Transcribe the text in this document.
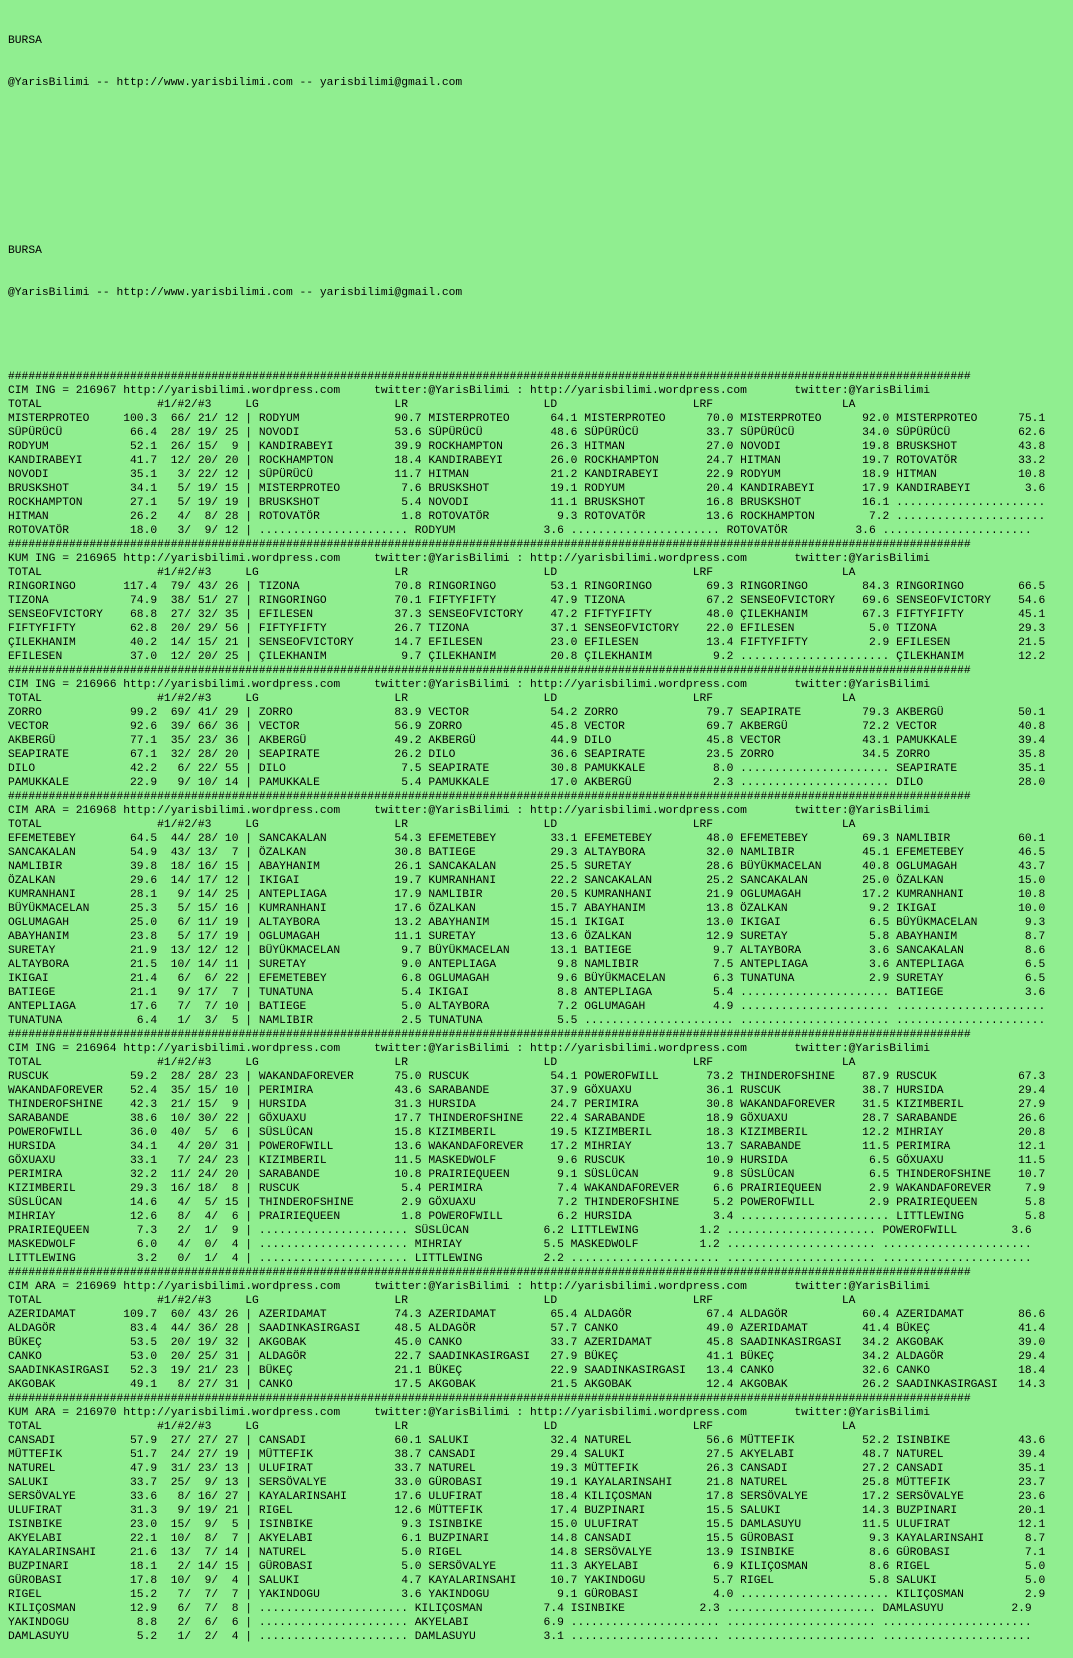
BURSA

@YarisBilimi -- http://www.yarisbilimi.com -- yarisbilimi@gmail.com

BURSA

@YarisBilimi -- http://www.yarisbilimi.com -- yarisbilimi@gmail.com

##############################################################################################################################################
CIM ING = 216967 http://yarisbilimi.wordpress.com     twitter:@YarisBilimi : http://yarisbilimi.wordpress.com       twitter:@YarisBilimi
TOTAL                 #1/#2/#3     LG                    LR                    LD                    LRF                   LA
MISTERPROTEO     100.3  66/ 21/ 12 | RODYUM              90.7 MISTERPROTEO      64.1 MISTERPROTEO      70.0 MISTERPROTEO      92.0 MISTERPROTEO      75.1
SÜPÜRÜCÜ          66.4  28/ 19/ 25 | NOVODI              53.6 SÜPÜRÜCÜ          48.6 SÜPÜRÜCÜ          33.7 SÜPÜRÜCÜ          34.0 SÜPÜRÜCÜ          62.6
RODYUM            52.1  26/ 15/  9 | KANDIRABEYI         39.9 ROCKHAMPTON       26.3 HITMAN            27.0 NOVODI            19.8 BRUSKSHOT         43.8
KANDIRABEYI       41.7  12/ 20/ 20 | ROCKHAMPTON         18.4 KANDIRABEYI       26.0 ROCKHAMPTON       24.7 HITMAN            19.7 ROTOVATÖR         33.2
NOVODI            35.1   3/ 22/ 12 | SÜPÜRÜCÜ            11.7 HITMAN            21.2 KANDIRABEYI       22.9 RODYUM            18.9 HITMAN            10.8
BRUSKSHOT         34.1   5/ 19/ 15 | MISTERPROTEO         7.6 BRUSKSHOT         19.1 RODYUM            20.4 KANDIRABEYI       17.9 KANDIRABEYI        3.6
ROCKHAMPTON       27.1   5/ 19/ 19 | BRUSKSHOT            5.4 NOVODI            11.1 BRUSKSHOT         16.8 BRUSKSHOT         16.1 ......................
HITMAN            26.2   4/  8/ 28 | ROTOVATÖR            1.8 ROTOVATÖR          9.3 ROTOVATÖR         13.6 ROCKHAMPTON        7.2 ......................
ROTOVATÖR         18.0   3/  9/ 12 | ...................... RODYUM             3.6 ...................... ROTOVATÖR          3.6 ......................
##############################################################################################################################################
KUM ING = 216965 http://yarisbilimi.wordpress.com     twitter:@YarisBilimi : http://yarisbilimi.wordpress.com       twitter:@YarisBilimi
TOTAL                 #1/#2/#3     LG                    LR                    LD                    LRF                   LA
RINGORINGO       117.4  79/ 43/ 26 | TIZONA              70.8 RINGORINGO        53.1 RINGORINGO        69.3 RINGORINGO        84.3 RINGORINGO        66.5
TIZONA            74.9  38/ 51/ 27 | RINGORINGO          70.1 FIFTYFIFTY        47.9 TIZONA            67.2 SENSEOFVICTORY    69.6 SENSEOFVICTORY    54.6
SENSEOFVICTORY    68.8  27/ 32/ 35 | EFILESEN            37.3 SENSEOFVICTORY    47.2 FIFTYFIFTY        48.0 ÇILEKHANIM        67.3 FIFTYFIFTY        45.1
FIFTYFIFTY        62.8  20/ 29/ 56 | FIFTYFIFTY          26.7 TIZONA            37.1 SENSEOFVICTORY    22.0 EFILESEN           5.0 TIZONA            29.3
ÇILEKHANIM        40.2  14/ 15/ 21 | SENSEOFVICTORY      14.7 EFILESEN          23.0 EFILESEN          13.4 FIFTYFIFTY         2.9 EFILESEN          21.5
EFILESEN          37.0  12/ 20/ 25 | ÇILEKHANIM           9.7 ÇILEKHANIM        20.8 ÇILEKHANIM         9.2 ...................... ÇILEKHANIM        12.2
##############################################################################################################################################
CIM ING = 216966 http://yarisbilimi.wordpress.com     twitter:@YarisBilimi : http://yarisbilimi.wordpress.com       twitter:@YarisBilimi
TOTAL                 #1/#2/#3     LG                    LR                    LD                    LRF                   LA
ZORRO             99.2  69/ 41/ 29 | ZORRO               83.9 VECTOR            54.2 ZORRO             79.7 SEAPIRATE         79.3 AKBERGÜ           50.1
VECTOR            92.6  39/ 66/ 36 | VECTOR              56.9 ZORRO             45.8 VECTOR            69.7 AKBERGÜ           72.2 VECTOR            40.8
AKBERGÜ           77.1  35/ 23/ 36 | AKBERGÜ             49.2 AKBERGÜ           44.9 DILO              45.8 VECTOR            43.1 PAMUKKALE         39.4
SEAPIRATE         67.1  32/ 28/ 20 | SEAPIRATE           26.2 DILO              36.6 SEAPIRATE         23.5 ZORRO             34.5 ZORRO             35.8
DILO              42.2   6/ 22/ 55 | DILO                 7.5 SEAPIRATE         30.8 PAMUKKALE          8.0 ...................... SEAPIRATE         35.1
PAMUKKALE         22.9   9/ 10/ 14 | PAMUKKALE            5.4 PAMUKKALE         17.0 AKBERGÜ            2.3 ...................... DILO              28.0
##############################################################################################################################################
CIM ARA = 216968 http://yarisbilimi.wordpress.com     twitter:@YarisBilimi : http://yarisbilimi.wordpress.com       twitter:@YarisBilimi
TOTAL                 #1/#2/#3     LG                    LR                    LD                    LRF                   LA
EFEMETEBEY        64.5  44/ 28/ 10 | SANCAKALAN          54.3 EFEMETEBEY        33.1 EFEMETEBEY        48.0 EFEMETEBEY        69.3 NAMLIBIR          60.1
SANCAKALAN        54.9  43/ 13/  7 | ÖZALKAN             30.8 BATIEGE           29.3 ALTAYBORA         32.0 NAMLIBIR          45.1 EFEMETEBEY        46.5
NAMLIBIR          39.8  18/ 16/ 15 | ABAYHANIM           26.1 SANCAKALAN        25.5 SURETAY           28.6 BÜYÜKMACELAN      40.8 OGLUMAGAH         43.7
ÖZALKAN           29.6  14/ 17/ 12 | IKIGAI              19.7 KUMRANHANI        22.2 SANCAKALAN        25.2 SANCAKALAN        25.0 ÖZALKAN           15.0
KUMRANHANI        28.1   9/ 14/ 25 | ANTEPLIAGA          17.9 NAMLIBIR          20.5 KUMRANHANI        21.9 OGLUMAGAH         17.2 KUMRANHANI        10.8
BÜYÜKMACELAN      25.3   5/ 15/ 16 | KUMRANHANI          17.6 ÖZALKAN           15.7 ABAYHANIM         13.8 ÖZALKAN            9.2 IKIGAI            10.0
OGLUMAGAH         25.0   6/ 11/ 19 | ALTAYBORA           13.2 ABAYHANIM         15.1 IKIGAI            13.0 IKIGAI             6.5 BÜYÜKMACELAN       9.3
ABAYHANIM         23.8   5/ 17/ 19 | OGLUMAGAH           11.1 SURETAY           13.6 ÖZALKAN           12.9 SURETAY            5.8 ABAYHANIM          8.7
SURETAY           21.9  13/ 12/ 12 | BÜYÜKMACELAN         9.7 BÜYÜKMACELAN      13.1 BATIEGE            9.7 ALTAYBORA          3.6 SANCAKALAN         8.6
ALTAYBORA         21.5  10/ 14/ 11 | SURETAY              9.0 ANTEPLIAGA         9.8 NAMLIBIR           7.5 ANTEPLIAGA         3.6 ANTEPLIAGA         6.5
IKIGAI            21.4   6/  6/ 22 | EFEMETEBEY           6.8 OGLUMAGAH          9.6 BÜYÜKMACELAN       6.3 TUNATUNA           2.9 SURETAY            6.5
BATIEGE           21.1   9/ 17/  7 | TUNATUNA             5.4 IKIGAI             8.8 ANTEPLIAGA         5.4 ...................... BATIEGE            3.6
ANTEPLIAGA        17.6   7/  7/ 10 | BATIEGE              5.0 ALTAYBORA          7.2 OGLUMAGAH          4.9 ...................... ......................
TUNATUNA           6.4   1/  3/  5 | NAMLIBIR             2.5 TUNATUNA           5.5 ...................... ...................... ......................
##############################################################################################################################################
CIM ING = 216964 http://yarisbilimi.wordpress.com     twitter:@YarisBilimi : http://yarisbilimi.wordpress.com       twitter:@YarisBilimi
TOTAL                 #1/#2/#3     LG                    LR                    LD                    LRF                   LA
RUSCUK            59.2  28/ 28/ 23 | WAKANDAFOREVER      75.0 RUSCUK            54.1 POWEROFWILL       73.2 THINDEROFSHINE    87.9 RUSCUK            67.3
WAKANDAFOREVER    52.4  35/ 15/ 10 | PERIMIRA            43.6 SARABANDE         37.9 GÖXUAXU           36.1 RUSCUK            38.7 HURSIDA           29.4
THINDEROFSHINE    42.3  21/ 15/  9 | HURSIDA             31.3 HURSIDA           24.7 PERIMIRA          30.8 WAKANDAFOREVER    31.5 KIZIMBERIL        27.9
SARABANDE         38.6  10/ 30/ 22 | GÖXUAXU             17.7 THINDEROFSHINE    22.4 SARABANDE         18.9 GÖXUAXU           28.7 SARABANDE         26.6
POWEROFWILL       36.0  40/  5/  6 | SÜSLÜCAN            15.8 KIZIMBERIL        19.5 KIZIMBERIL        18.3 KIZIMBERIL        12.2 MIHRIAY           20.8
HURSIDA           34.1   4/ 20/ 31 | POWEROFWILL         13.6 WAKANDAFOREVER    17.2 MIHRIAY           13.7 SARABANDE         11.5 PERIMIRA          12.1
GÖXUAXU           33.1   7/ 24/ 23 | KIZIMBERIL          11.5 MASKEDWOLF         9.6 RUSCUK            10.9 HURSIDA            6.5 GÖXUAXU           11.5
PERIMIRA          32.2  11/ 24/ 20 | SARABANDE           10.8 PRAIRIEQUEEN       9.1 SÜSLÜCAN           9.8 SÜSLÜCAN           6.5 THINDEROFSHINE    10.7
KIZIMBERIL        29.3  16/ 18/  8 | RUSCUK               5.4 PERIMIRA           7.4 WAKANDAFOREVER     6.6 PRAIRIEQUEEN       2.9 WAKANDAFOREVER     7.9
SÜSLÜCAN          14.6   4/  5/ 15 | THINDEROFSHINE       2.9 GÖXUAXU            7.2 THINDEROFSHINE     5.2 POWEROFWILL        2.9 PRAIRIEQUEEN       5.8
MIHRIAY           12.6   8/  4/  6 | PRAIRIEQUEEN         1.8 POWEROFWILL        6.2 HURSIDA            3.4 ...................... LITTLEWING         5.8
PRAIRIEQUEEN       7.3   2/  1/  9 | ...................... SÜSLÜCAN           6.2 LITTLEWING         1.2 ...................... POWEROFWILL        3.6
MASKEDWOLF         6.0   4/  0/  4 | ...................... MIHRIAY            5.5 MASKEDWOLF         1.2 ...................... ......................
LITTLEWING         3.2   0/  1/  4 | ...................... LITTLEWING         2.2 ...................... ...................... ......................
##############################################################################################################################################
CIM ARA = 216969 http://yarisbilimi.wordpress.com     twitter:@YarisBilimi : http://yarisbilimi.wordpress.com       twitter:@YarisBilimi
TOTAL                 #1/#2/#3     LG                    LR                    LD                    LRF                   LA
AZERIDAMAT       109.7  60/ 43/ 26 | AZERIDAMAT          74.3 AZERIDAMAT        65.4 ALDAGÖR           67.4 ALDAGÖR           60.4 AZERIDAMAT        86.6
ALDAGÖR           83.4  44/ 36/ 28 | SAADINKASIRGASI     48.5 ALDAGÖR           57.7 CANKO             49.0 AZERIDAMAT        41.4 BÜKEÇ             41.4
BÜKEÇ             53.5  20/ 19/ 32 | AKGOBAK             45.0 CANKO             33.7 AZERIDAMAT        45.8 SAADINKASIRGASI   34.2 AKGOBAK           39.0
CANKO             53.0  20/ 25/ 31 | ALDAGÖR             22.7 SAADINKASIRGASI   27.9 BÜKEÇ             41.1 BÜKEÇ             34.2 ALDAGÖR           29.4
SAADINKASIRGASI   52.3  19/ 21/ 23 | BÜKEÇ               21.1 BÜKEÇ             22.9 SAADINKASIRGASI   13.4 CANKO             32.6 CANKO             18.4
AKGOBAK           49.1   8/ 27/ 31 | CANKO               17.5 AKGOBAK           21.5 AKGOBAK           12.4 AKGOBAK           26.2 SAADINKASIRGASI   14.3
##############################################################################################################################################
KUM ARA = 216970 http://yarisbilimi.wordpress.com     twitter:@YarisBilimi : http://yarisbilimi.wordpress.com       twitter:@YarisBilimi
TOTAL                 #1/#2/#3     LG                    LR                    LD                    LRF                   LA
CANSADI           57.9  27/ 27/ 27 | CANSADI             60.1 SALUKI            32.4 NATUREL           56.6 MÜTTEFIK          52.2 ISINBIKE          43.6
MÜTTEFIK          51.7  24/ 27/ 19 | MÜTTEFIK            38.7 CANSADI           29.4 SALUKI            27.5 AKYELABI          48.7 NATUREL           39.4
NATUREL           47.9  31/ 23/ 13 | ULUFIRAT            33.7 NATUREL           19.3 MÜTTEFIK          26.3 CANSADI           27.2 CANSADI           35.1
SALUKI            33.7  25/  9/ 13 | SERSÖVALYE          33.0 GÜROBASI          19.1 KAYALARINSAHI     21.8 NATUREL           25.8 MÜTTEFIK          23.7
SERSÖVALYE        33.6   8/ 16/ 27 | KAYALARINSAHI       17.6 ULUFIRAT          18.4 KILIÇOSMAN        17.8 SERSÖVALYE        17.2 SERSÖVALYE        23.6
ULUFIRAT          31.3   9/ 19/ 21 | RIGEL               12.6 MÜTTEFIK          17.4 BUZPINARI         15.5 SALUKI            14.3 BUZPINARI         20.1
ISINBIKE          23.0  15/  9/  5 | ISINBIKE             9.3 ISINBIKE          15.0 ULUFIRAT          15.5 DAMLASUYU         11.5 ULUFIRAT          12.1
AKYELABI          22.1  10/  8/  7 | AKYELABI             6.1 BUZPINARI         14.8 CANSADI           15.5 GÜROBASI           9.3 KAYALARINSAHI      8.7
KAYALARINSAHI     21.6  13/  7/ 14 | NATUREL              5.0 RIGEL             14.8 SERSÖVALYE        13.9 ISINBIKE           8.6 GÜROBASI           7.1
BUZPINARI         18.1   2/ 14/ 15 | GÜROBASI             5.0 SERSÖVALYE        11.3 AKYELABI           6.9 KILIÇOSMAN         8.6 RIGEL              5.0
GÜROBASI          17.8  10/  9/  4 | SALUKI               4.7 KAYALARINSAHI     10.7 YAKINDOGU          5.7 RIGEL              5.8 SALUKI             5.0
RIGEL             15.2   7/  7/  7 | YAKINDOGU            3.6 YAKINDOGU          9.1 GÜROBASI           4.0 ...................... KILIÇOSMAN         2.9
KILIÇOSMAN        12.9   6/  7/  8 | ...................... KILIÇOSMAN         7.4 ISINBIKE           2.3 ...................... DAMLASUYU          2.9
YAKINDOGU          8.8   2/  6/  6 | ...................... AKYELABI           6.9 ...................... ...................... ......................
DAMLASUYU          5.2   1/  2/  4 | ...................... DAMLASUYU          3.1 ...................... ...................... ......................
